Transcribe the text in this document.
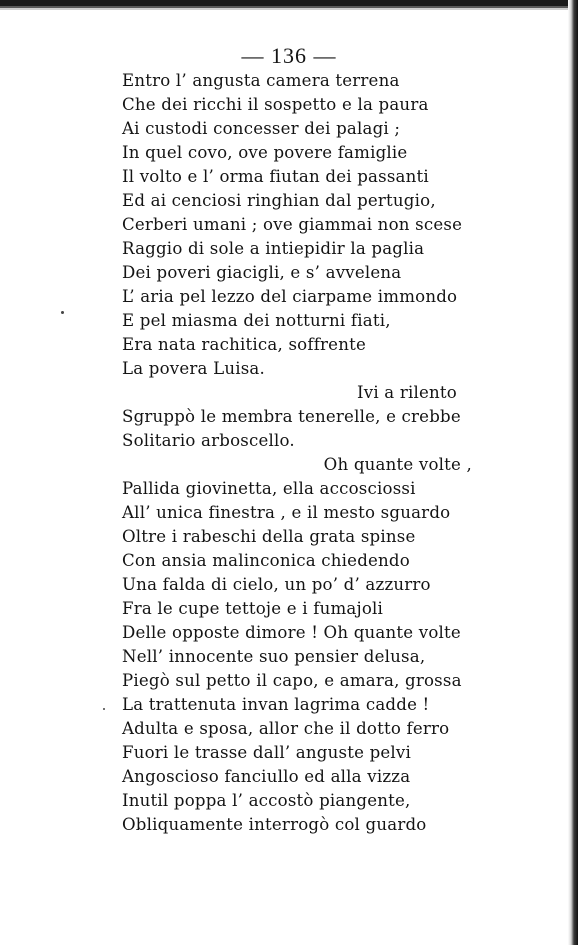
— 136 —
Entro l’ angusta camera terrena
Che dei ricchi il sospetto e la paura
Ai custodi concesser dei palagi ;
In quel covo, ove povere famiglie
Il volto e l’ orma fiutan dei passanti
Ed ai cenciosi ringhian dal pertugio,
Cerberi umani ; ove giammai non scese
Raggio di sole a intiepidir la paglia
Dei poveri giacigli, e s’ avvelena
L’ aria pel lezzo del ciarpame immondo
E pel miasma dei notturni fiati,
Era nata rachitica, soffrente
La povera Luisa.
Ivi a rilento
Sgruppò le membra tenerelle, e crebbe
Solitario arboscello.
Oh quante volte ,
Pallida giovinetta, ella accosciossi
All’ unica finestra , e il mesto sguardo
Oltre i rabeschi della grata spinse
Con ansia malinconica chiedendo
Una falda di cielo, un po’ d’ azzurro
Fra le cupe tettoje e i fumajoli
Delle opposte dimore ! Oh quante volte
Nell’ innocente suo pensier delusa,
Piegò sul petto il capo, e amara, grossa
La trattenuta invan lagrima cadde !
Adulta e sposa, allor che il dotto ferro
Fuori le trasse dall’ anguste pelvi
Angoscioso fanciullo ed alla vizza
Inutil poppa l’ accostò piangente,
Obliquamente interrogò col guardo
